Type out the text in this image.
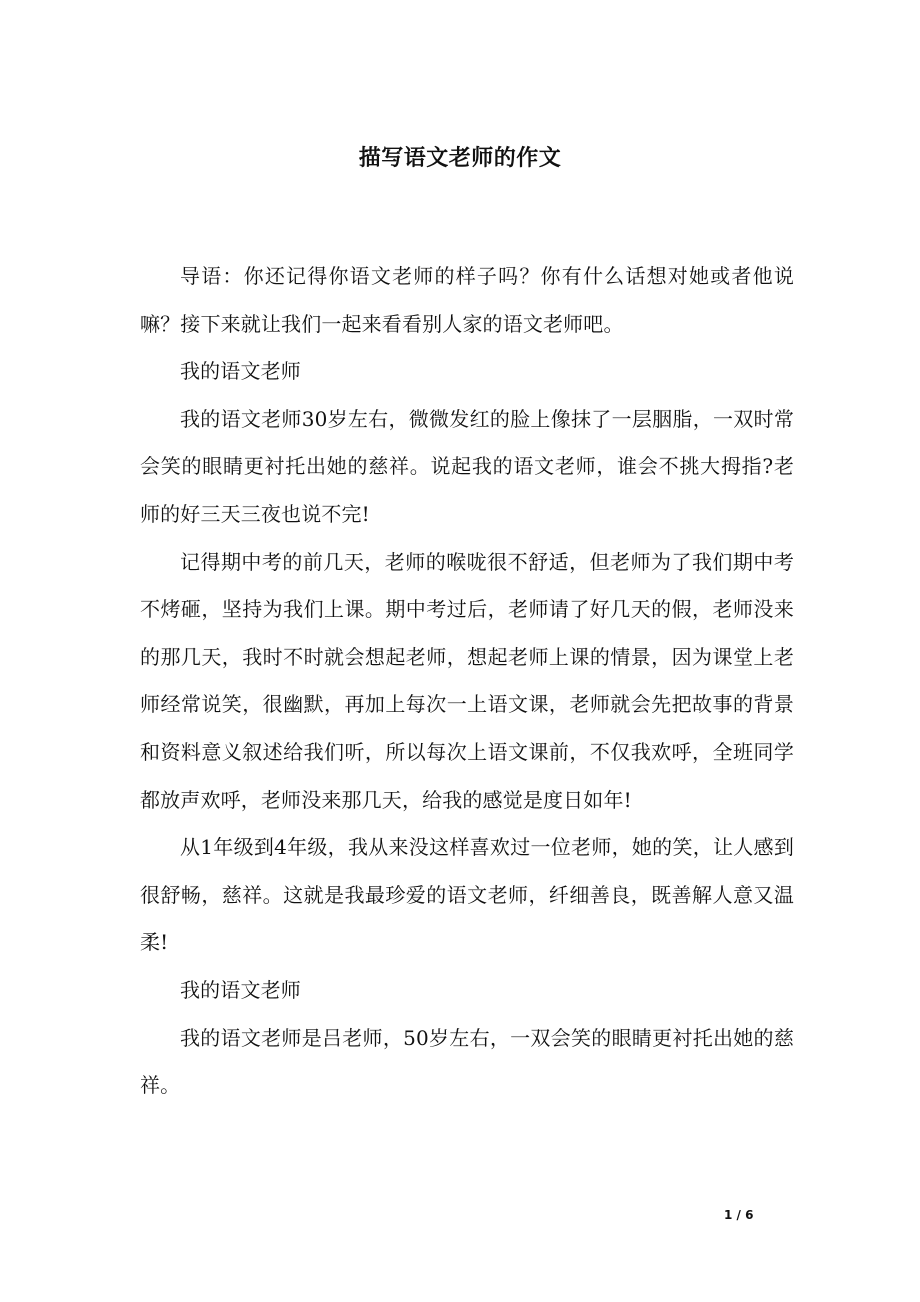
描写语文老师的作文

导语：你还记得你语文老师的样子吗？你有什么话想对她或者他说嘛？接下来就让我们一起来看看别人家的语文老师吧。

我的语文老师

我的语文老师30岁左右，微微发红的脸上像抹了一层胭脂，一双时常会笑的眼睛更衬托出她的慈祥。说起我的语文老师，谁会不挑大拇指?老师的好三天三夜也说不完!

记得期中考的前几天，老师的喉咙很不舒适，但老师为了我们期中考不烤砸，坚持为我们上课。期中考过后，老师请了好几天的假，老师没来的那几天，我时不时就会想起老师，想起老师上课的情景，因为课堂上老师经常说笑，很幽默，再加上每次一上语文课，老师就会先把故事的背景和资料意义叙述给我们听，所以每次上语文课前，不仅我欢呼，全班同学都放声欢呼，老师没来那几天，给我的感觉是度日如年!

从1年级到4年级，我从来没这样喜欢过一位老师，她的笑，让人感到很舒畅，慈祥。这就是我最珍爱的语文老师，纤细善良，既善解人意又温柔!

我的语文老师

我的语文老师是吕老师，50岁左右，一双会笑的眼睛更衬托出她的慈祥。

1 / 6
